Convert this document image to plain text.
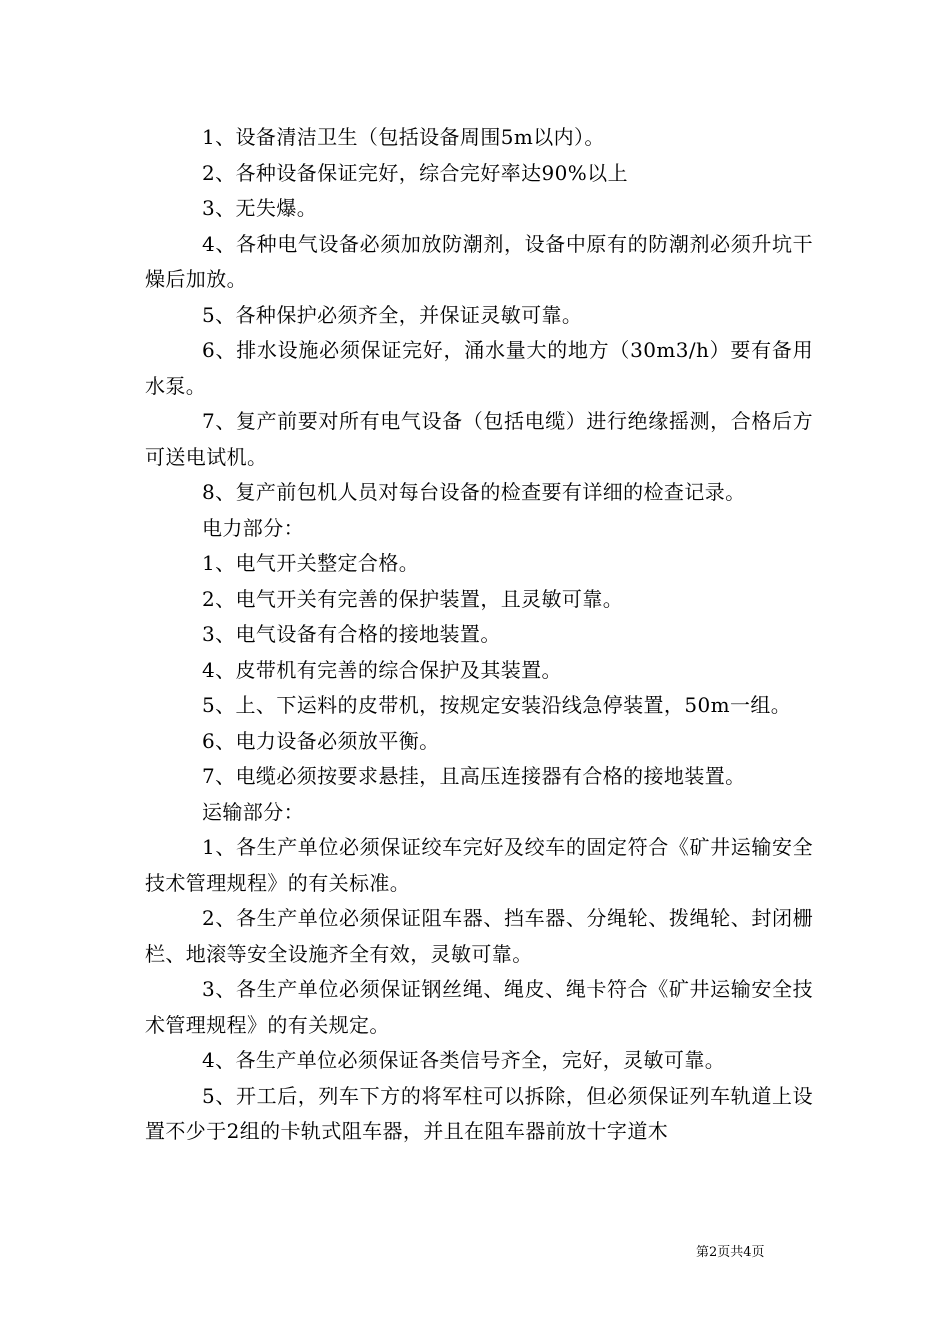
1、设备清洁卫生（包括设备周围5m以内）。

2、各种设备保证完好，综合完好率达90%以上

3、无失爆。

4、各种电气设备必须加放防潮剂，设备中原有的防潮剂必须升坑干燥后加放。

5、各种保护必须齐全，并保证灵敏可靠。

6、排水设施必须保证完好，涌水量大的地方（30m3/h）要有备用水泵。

7、复产前要对所有电气设备（包括电缆）进行绝缘摇测，合格后方可送电试机。

8、复产前包机人员对每台设备的检查要有详细的检查记录。

电力部分：

1、电气开关整定合格。

2、电气开关有完善的保护装置，且灵敏可靠。

3、电气设备有合格的接地装置。

4、皮带机有完善的综合保护及其装置。

5、上、下运料的皮带机，按规定安装沿线急停装置，50m一组。

6、电力设备必须放平衡。

7、电缆必须按要求悬挂，且高压连接器有合格的接地装置。

运输部分：

1、各生产单位必须保证绞车完好及绞车的固定符合《矿井运输安全技术管理规程》的有关标准。

2、各生产单位必须保证阻车器、挡车器、分绳轮、拨绳轮、封闭栅栏、地滚等安全设施齐全有效，灵敏可靠。

3、各生产单位必须保证钢丝绳、绳皮、绳卡符合《矿井运输安全技术管理规程》的有关规定。

4、各生产单位必须保证各类信号齐全，完好，灵敏可靠。

5、开工后，列车下方的将军柱可以拆除，但必须保证列车轨道上设置不少于2组的卡轨式阻车器，并且在阻车器前放十字道木

第2页共4页
